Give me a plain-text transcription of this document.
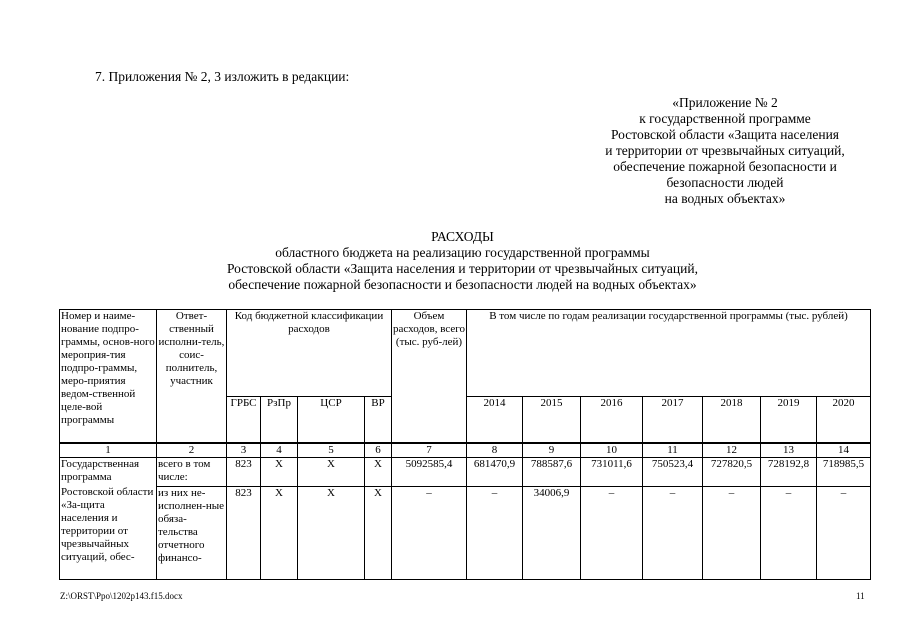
7. Приложения № 2, 3 изложить в редакции:
«Приложение № 2
к государственной программе
Ростовской области «Защита населения
и территории от чрезвычайных ситуаций,
обеспечение пожарной безопасности и
безопасности людей
на водных объектах»
РАСХОДЫ
областного бюджета на реализацию государственной программы
Ростовской области «Защита населения и территории от чрезвычайных ситуаций,
обеспечение пожарной безопасности и безопасности людей на водных объектах»
Номер и наиме-нование подпро-граммы, основ-ного мероприя-тия подпро-граммы, меро-приятия ведом-ственной целе-вой программы	Ответ-ственный исполни-тель, соис-полнитель, участник	Код бюджетной классификации расходов				Объем расходов, всего (тыс. руб-лей)	В том числе по годам реализации государственной программы (тыс. рублей)						
		ГРБС	РзПр	ЦСР	ВР		2014	2015	2016	2017	2018	2019	2020
1	2	3	4	5	6	7	8	9	10	11	12	13	14
Государственная программа	всего в том числе:	823	Х	Х	Х	5092585,4	681470,9	788587,6	731011,6	750523,4	727820,5	728192,8	718985,5
Ростовской области «За-щита населения и территории от чрезвычайных ситуаций, обес-	из них не-исполнен-ные обяза-тельства отчетного финансо-	823	Х	Х	Х	–	–	34006,9	–	–	–	–	–
Z:\ORST\Ppo\1202p143.f15.docx	11
